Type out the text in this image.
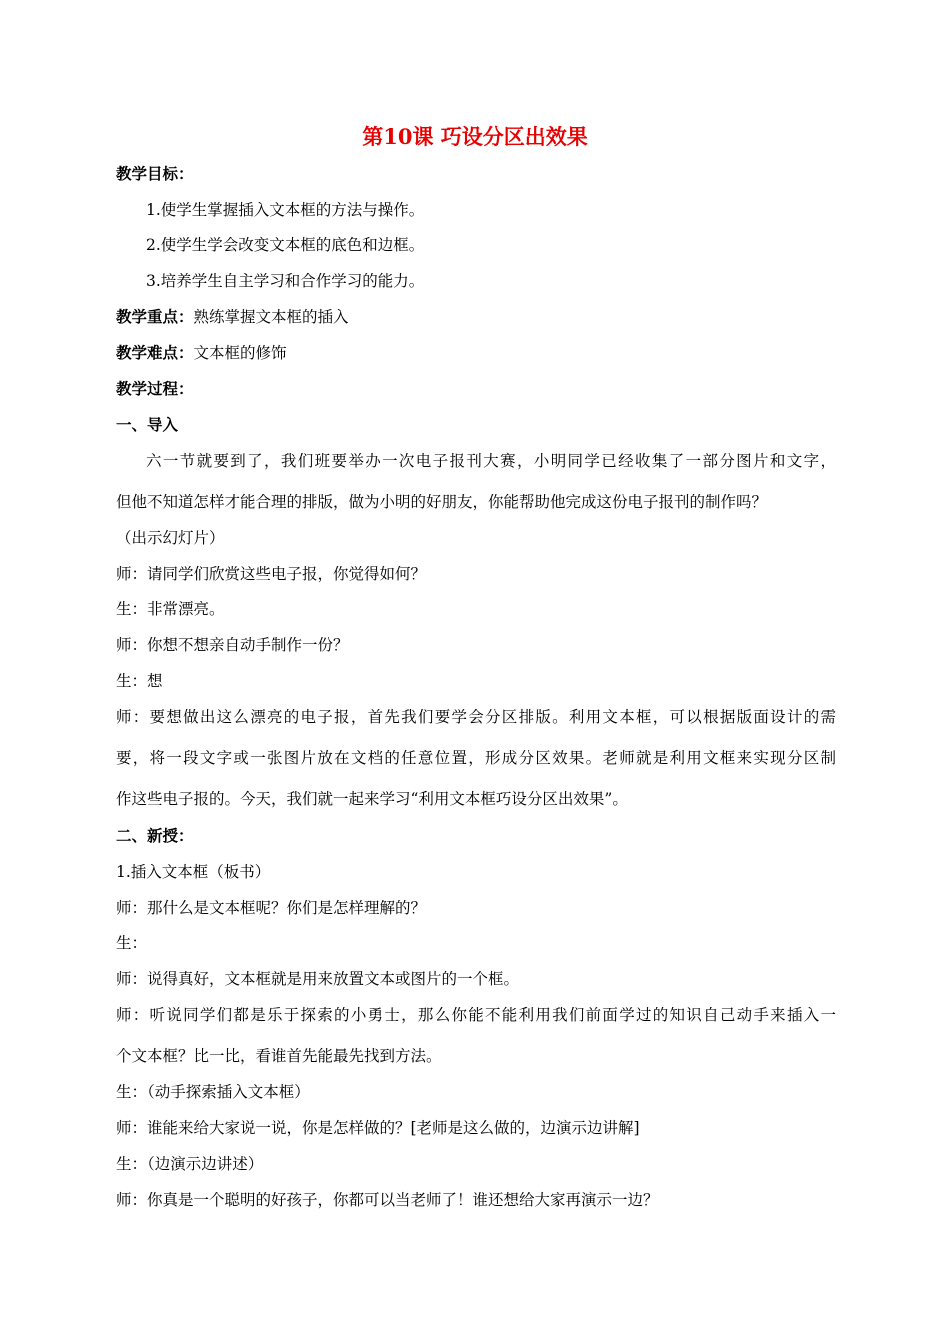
第10课 巧设分区出效果
教学目标：
1.使学生掌握插入文本框的方法与操作。
2.使学生学会改变文本框的底色和边框。
3.培养学生自主学习和合作学习的能力。
教学重点：熟练掌握文本框的插入
教学难点：文本框的修饰
教学过程：
一、导入
六一节就要到了，我们班要举办一次电子报刊大赛，小明同学已经收集了一部分图片和文字，
但他不知道怎样才能合理的排版，做为小明的好朋友，你能帮助他完成这份电子报刊的制作吗？
（出示幻灯片）
师：请同学们欣赏这些电子报，你觉得如何？
生：非常漂亮。
师：你想不想亲自动手制作一份？
生：想
师：要想做出这么漂亮的电子报，首先我们要学会分区排版。利用文本框，可以根据版面设计的需
要，将一段文字或一张图片放在文档的任意位置，形成分区效果。老师就是利用文框来实现分区制
作这些电子报的。今天，我们就一起来学习“利用文本框巧设分区出效果”。
二、新授：
1.插入文本框（板书）
师：那什么是文本框呢？你们是怎样理解的？
生：
师：说得真好，文本框就是用来放置文本或图片的一个框。
师：听说同学们都是乐于探索的小勇士，那么你能不能利用我们前面学过的知识自己动手来插入一
个文本框？比一比，看谁首先能最先找到方法。
生：（动手探索插入文本框）
师：谁能来给大家说一说，你是怎样做的？[老师是这么做的，边演示边讲解]
生：（边演示边讲述）
师：你真是一个聪明的好孩子，你都可以当老师了！谁还想给大家再演示一边？
